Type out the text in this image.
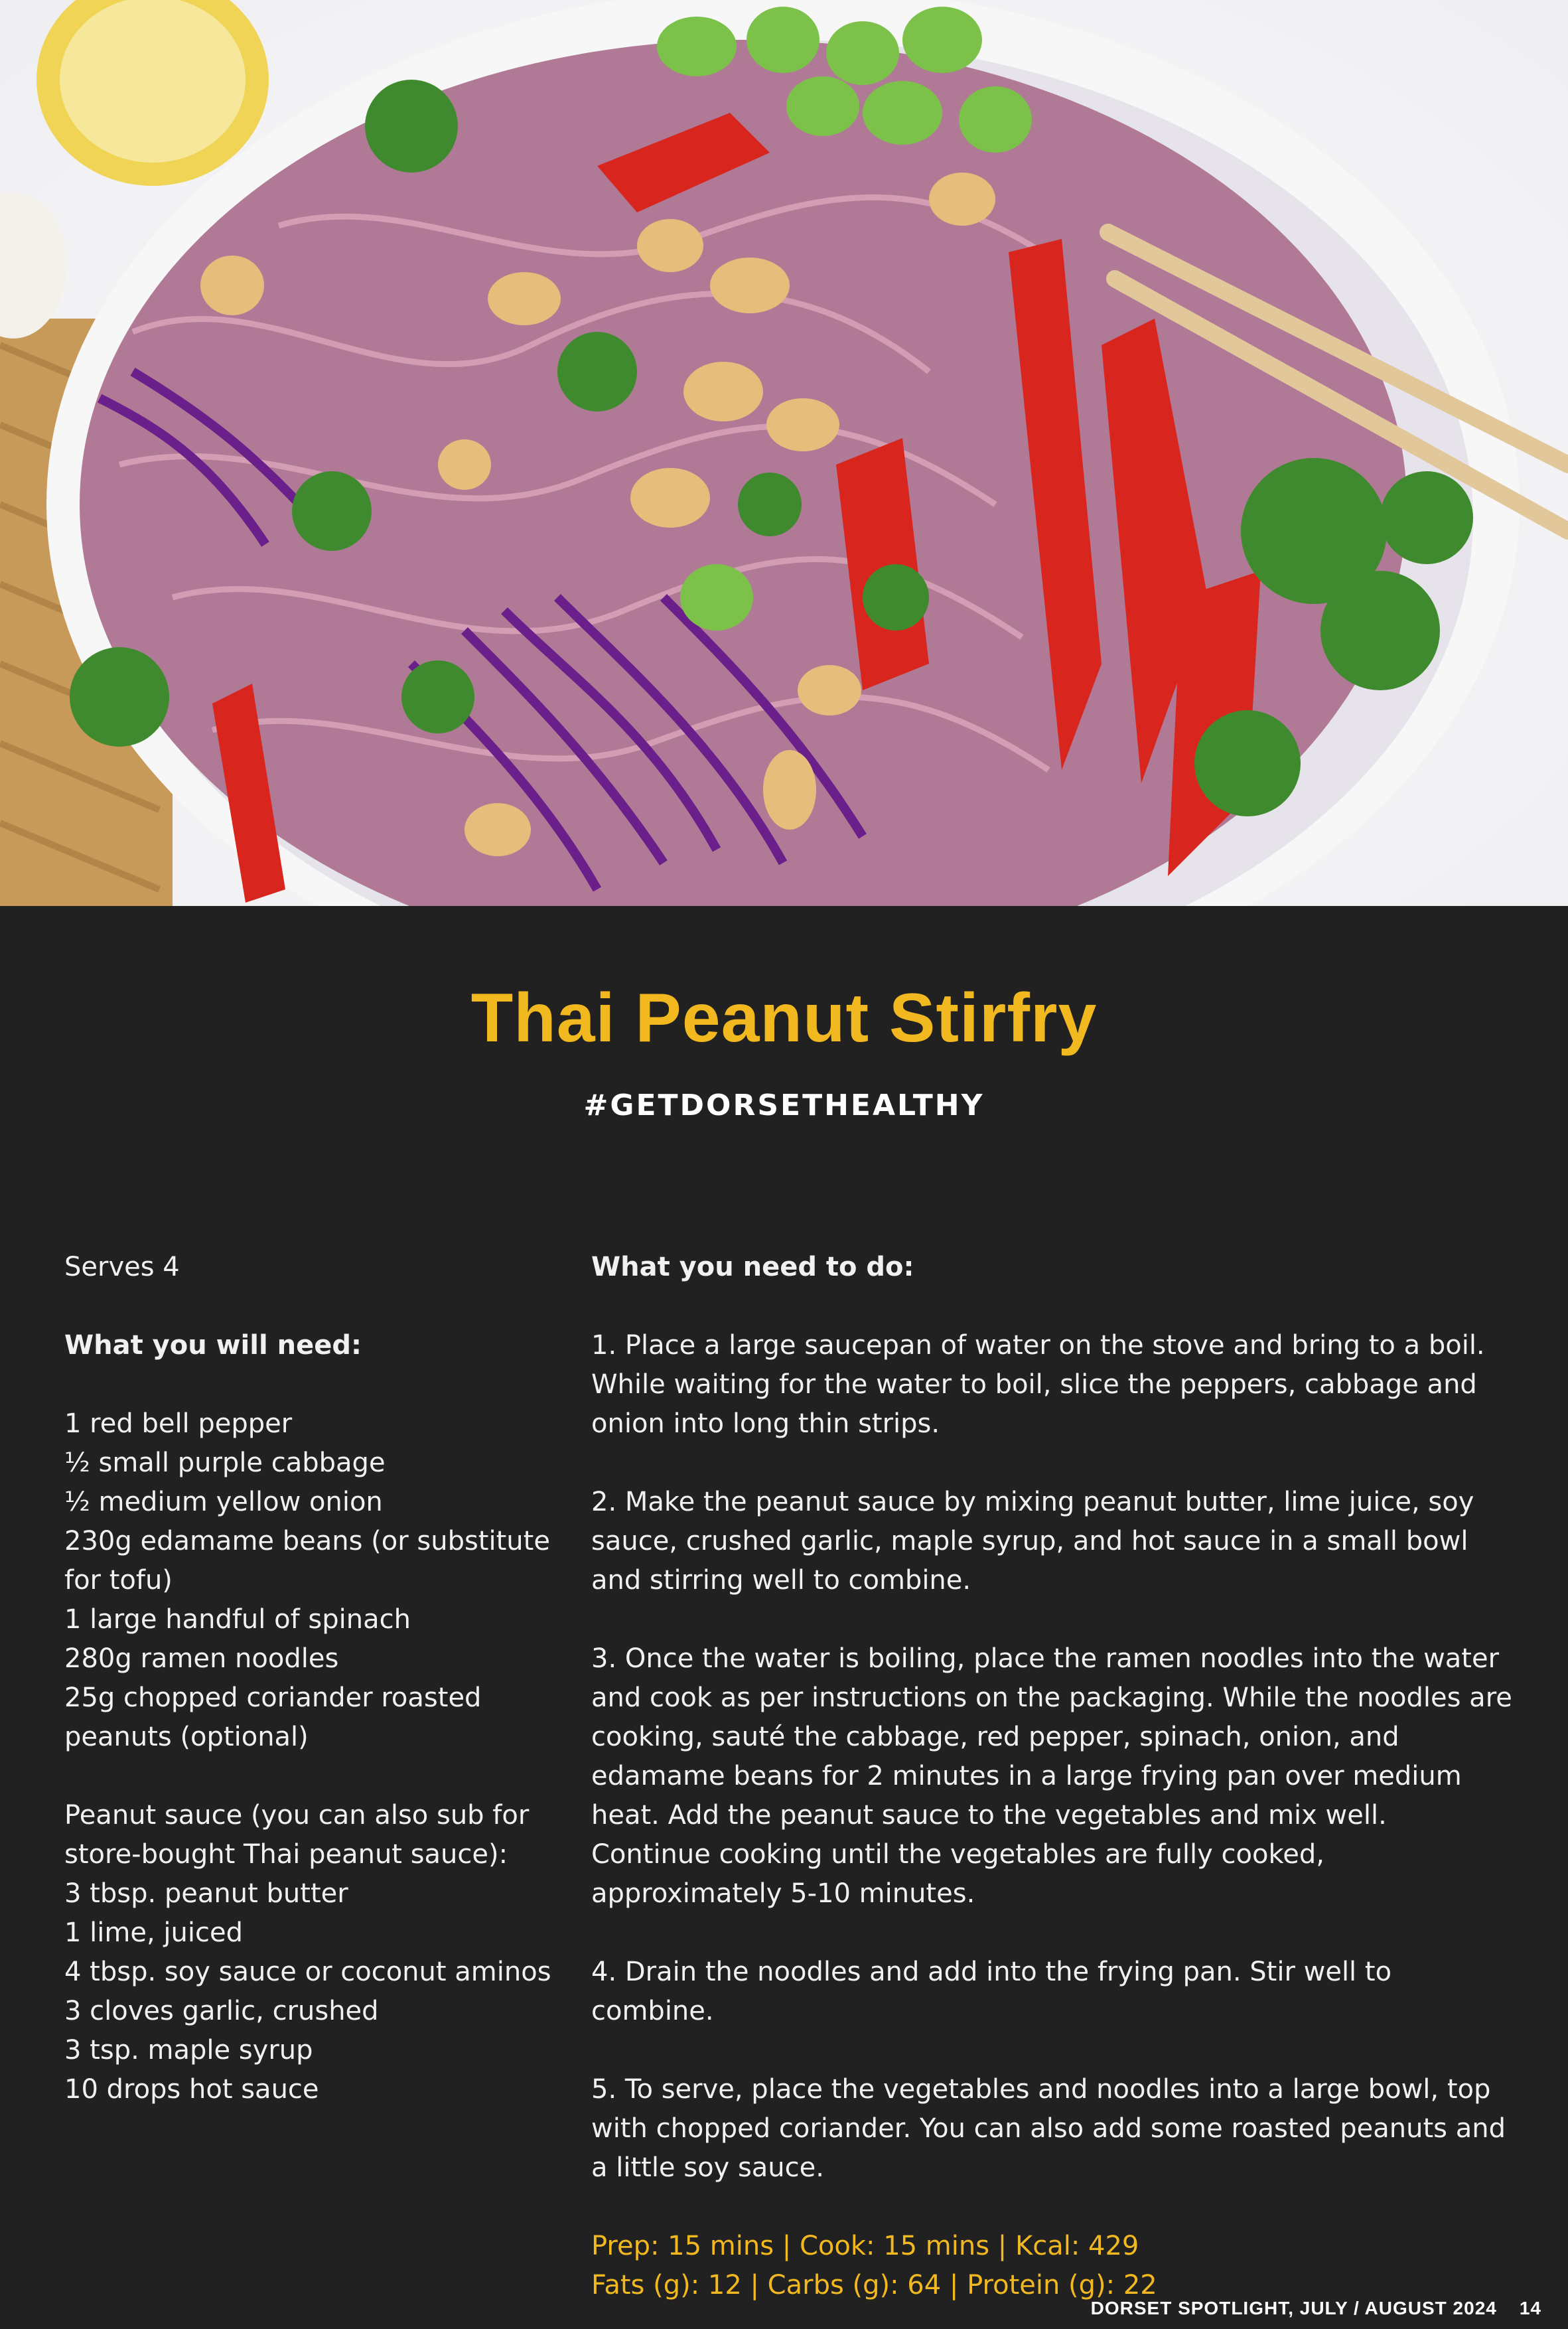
Thai Peanut Stirfry
#GETDORSETHEALTHY
Serves 4
What you will need:
1 red bell pepper
½ small purple cabbage
½ medium yellow onion
230g edamame beans (or substitute for tofu)
1 large handful of spinach
280g ramen noodles
25g chopped coriander roasted peanuts (optional)
Peanut sauce (you can also sub for store-bought Thai peanut sauce):
3 tbsp. peanut butter
1 lime, juiced
4 tbsp. soy sauce or coconut aminos
3 cloves garlic, crushed
3 tsp. maple syrup
10 drops hot sauce
What you need to do:
1. Place a large saucepan of water on the stove and bring to a boil. While waiting for the water to boil, slice the peppers, cabbage and onion into long thin strips.
2. Make the peanut sauce by mixing peanut butter, lime juice, soy sauce, crushed garlic, maple syrup, and hot sauce in a small bowl and stirring well to combine.
3. Once the water is boiling, place the ramen noodles into the water and cook as per instructions on the packaging. While the noodles are cooking, sauté the cabbage, red pepper, spinach, onion, and edamame beans for 2 minutes in a large frying pan over medium heat. Add the peanut sauce to the vegetables and mix well. Continue cooking until the vegetables are fully cooked, approximately 5-10 minutes.
4. Drain the noodles and add into the frying pan. Stir well to combine.
5. To serve, place the vegetables and noodles into a large bowl, top with chopped coriander. You can also add some roasted peanuts and a little soy sauce.
Prep: 15 mins | Cook: 15 mins | Kcal: 429
Fats (g): 12 | Carbs (g): 64 | Protein (g): 22
DORSET SPOTLIGHT, JULY / AUGUST 2024 14
